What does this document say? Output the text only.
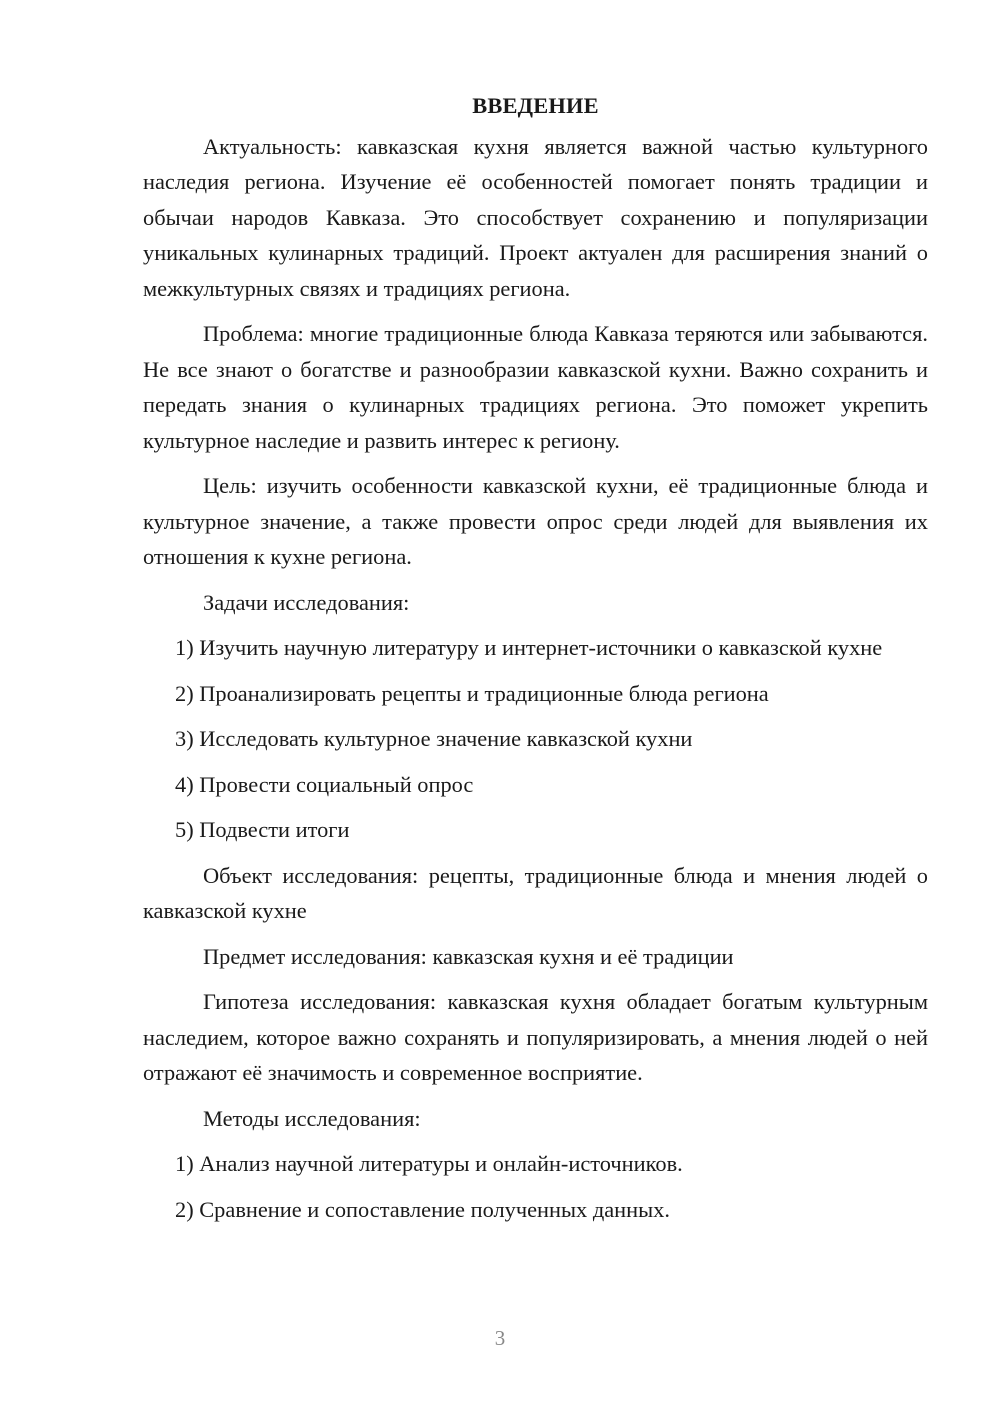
ВВЕДЕНИЕ

Актуальность: кавказская кухня является важной частью культурного наследия региона. Изучение её особенностей помогает понять традиции и обычаи народов Кавказа. Это способствует сохранению и популяризации уникальных кулинарных традиций. Проект актуален для расширения знаний о межкультурных связях и традициях региона.

Проблема: многие традиционные блюда Кавказа теряются или забываются. Не все знают о богатстве и разнообразии кавказской кухни. Важно сохранить и передать знания о кулинарных традициях региона. Это поможет укрепить культурное наследие и развить интерес к региону.

Цель: изучить особенности кавказской кухни, её традиционные блюда и культурное значение, а также провести опрос среди людей для выявления их отношения к кухне региона.

Задачи исследования:

1) Изучить научную литературу и интернет-источники о кавказской кухне

2) Проанализировать рецепты и традиционные блюда региона

3) Исследовать культурное значение кавказской кухни

4) Провести социальный опрос

5) Подвести итоги

Объект исследования: рецепты, традиционные блюда и мнения людей о кавказской кухне

Предмет исследования: кавказская кухня и её традиции

Гипотеза исследования: кавказская кухня обладает богатым культурным наследием, которое важно сохранять и популяризировать, а мнения людей о ней отражают её значимость и современное восприятие.

Методы исследования:

1) Анализ научной литературы и онлайн-источников.

2) Сравнение и сопоставление полученных данных.

3
